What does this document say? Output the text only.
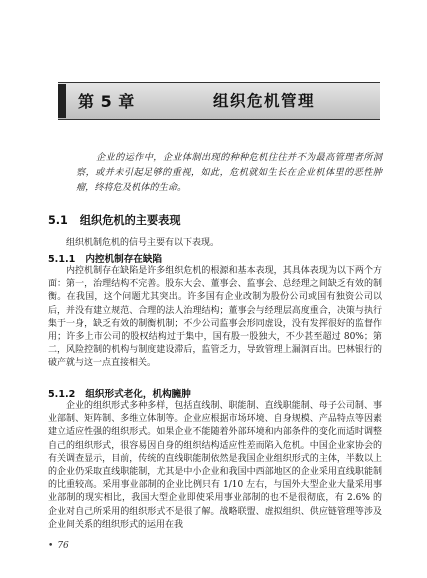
第 5 章	组织危机管理

企业的运作中，企业体制出现的种种危机往往并不为最高管理者所洞察，或并未引起足够的重视，如此，危机就如生长在企业机体里的恶性肿瘤，终将危及机体的生命。

5.1 组织危机的主要表现

组织机制危机的信号主要有以下表现。

5.1.1 内控机制存在缺陷

内控机制存在缺陷是许多组织危机的根源和基本表现，其具体表现为以下两个方面：第一，治理结构不完善。股东大会、董事会、监事会、总经理之间缺乏有效的制衡。在我国，这个问题尤其突出。许多国有企业改制为股份公司或国有独资公司以后，并没有建立规范、合理的法人治理结构；董事会与经理层高度重合，决策与执行集于一身，缺乏有效的制衡机制；不少公司监事会形同虚设，没有发挥很好的监督作用；许多上市公司的股权结构过于集中，国有股一股独大，不少甚至超过 80%；第二，风险控制的机构与制度建设滞后，监管乏力，导致管理上漏洞百出。巴林银行的破产就与这一点直接相关。

5.1.2 组织形式老化，机构臃肿

企业的组织形式多种多样，包括直线制、职能制、直线职能制、母子公司制、事业部制、矩阵制、多维立体制等。企业应根据市场环境、自身规模、产品特点等因素建立适应性强的组织形式。如果企业不能随着外部环境和内部条件的变化而适时调整自己的组织形式，很容易因自身的组织结构适应性差而陷入危机。中国企业家协会的有关调查显示，目前，传统的直线职能制依然是我国企业组织形式的主体，半数以上的企业仍采取直线职能制，尤其是中小企业和我国中西部地区的企业采用直线职能制的比重较高。采用事业部制的企业比例只有 1/10 左右，与国外大型企业大量采用事业部制的现实相比，我国大型企业即使采用事业部制的也不是很彻底，有 2.6% 的企业对自己所采用的组织形式不是很了解。战略联盟、虚拟组织、供应链管理等涉及企业间关系的组织形式的运用在我

• 76
